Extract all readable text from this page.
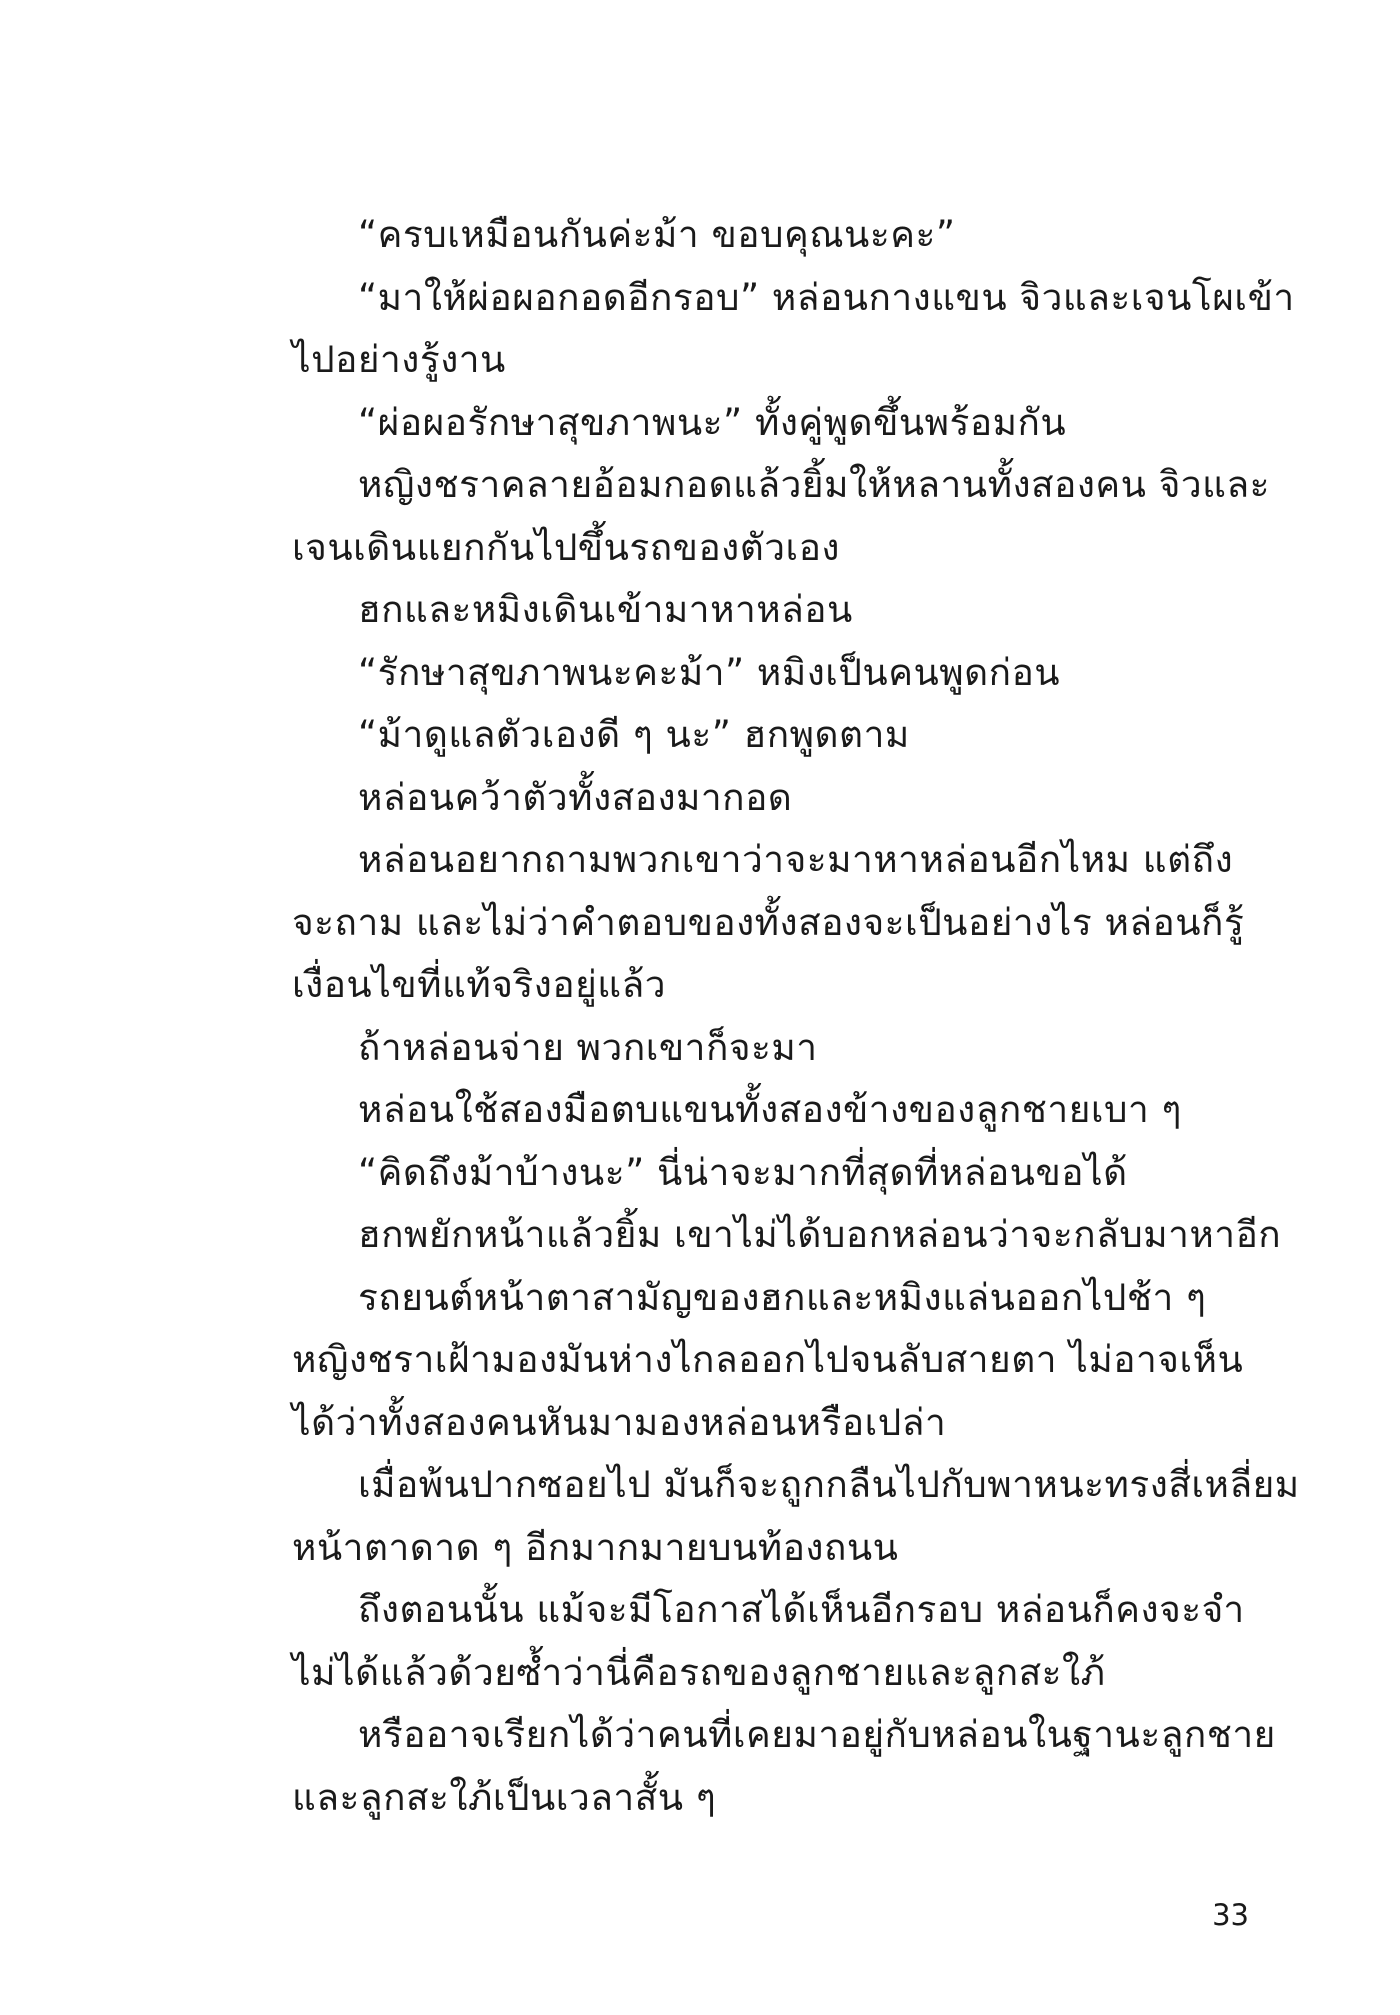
“ครบเหมือนกันค่ะม้า ขอบคุณนะคะ”
“มาให้ผ่อผอกอดอีกรอบ” หล่อนกางแขน จิวและเจนโผเข้า
ไปอย่างรู้งาน
“ผ่อผอรักษาสุขภาพนะ” ทั้งคู่พูดขึ้นพร้อมกัน
หญิงชราคลายอ้อมกอดแล้วยิ้มให้หลานทั้งสองคน จิวและ
เจนเดินแยกกันไปขึ้นรถของตัวเอง
ฮกและหมิงเดินเข้ามาหาหล่อน
“รักษาสุขภาพนะคะม้า” หมิงเป็นคนพูดก่อน
“ม้าดูแลตัวเองดี ๆ นะ” ฮกพูดตาม
หล่อนคว้าตัวทั้งสองมากอด
หล่อนอยากถามพวกเขาว่าจะมาหาหล่อนอีกไหม แต่ถึง
จะถาม และไม่ว่าคำตอบของทั้งสองจะเป็นอย่างไร หล่อนก็รู้
เงื่อนไขที่แท้จริงอยู่แล้ว
ถ้าหล่อนจ่าย พวกเขาก็จะมา
หล่อนใช้สองมือตบแขนทั้งสองข้างของลูกชายเบา ๆ
“คิดถึงม้าบ้างนะ” นี่น่าจะมากที่สุดที่หล่อนขอได้
ฮกพยักหน้าแล้วยิ้ม เขาไม่ได้บอกหล่อนว่าจะกลับมาหาอีก
รถยนต์หน้าตาสามัญของฮกและหมิงแล่นออกไปช้า ๆ
หญิงชราเฝ้ามองมันห่างไกลออกไปจนลับสายตา ไม่อาจเห็น
ได้ว่าทั้งสองคนหันมามองหล่อนหรือเปล่า
เมื่อพ้นปากซอยไป มันก็จะถูกกลืนไปกับพาหนะทรงสี่เหลี่ยม
หน้าตาดาด ๆ อีกมากมายบนท้องถนน
ถึงตอนนั้น แม้จะมีโอกาสได้เห็นอีกรอบ หล่อนก็คงจะจำ
ไม่ได้แล้วด้วยซ้ำว่านี่คือรถของลูกชายและลูกสะใภ้
หรืออาจเรียกได้ว่าคนที่เคยมาอยู่กับหล่อนในฐานะลูกชาย
และลูกสะใภ้เป็นเวลาสั้น ๆ
33
